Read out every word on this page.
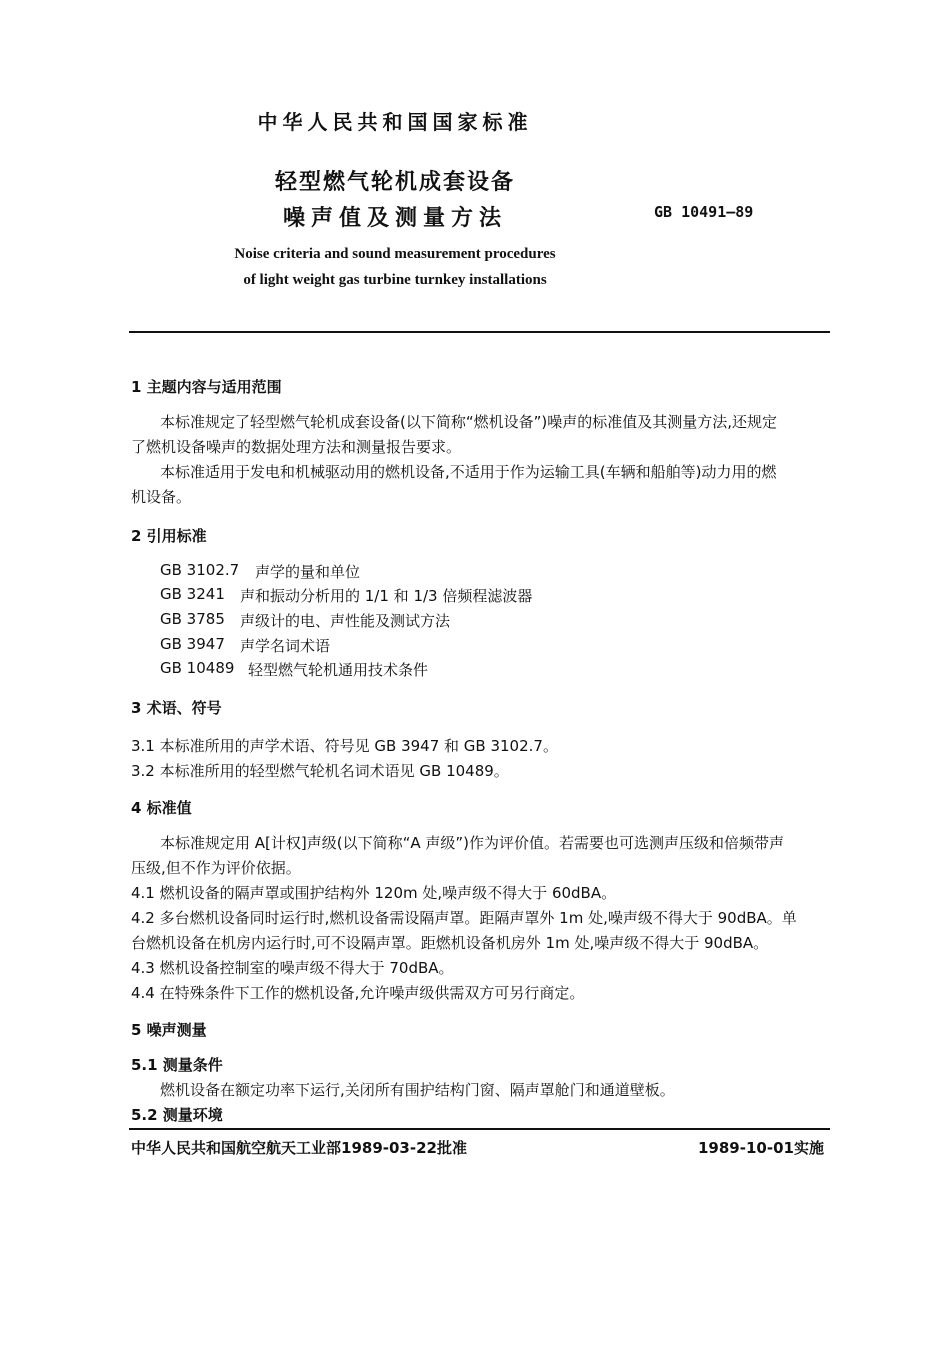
中华人民共和国国家标准
轻型燃气轮机成套设备
噪声值及测量方法	GB 10491—89
Noise criteria and sound measurement procedures
of light weight gas turbine turnkey installations
1 主题内容与适用范围
本标准规定了轻型燃气轮机成套设备(以下简称“燃机设备”)噪声的标准值及其测量方法,还规定
了燃机设备噪声的数据处理方法和测量报告要求。
本标准适用于发电和机械驱动用的燃机设备,不适用于作为运输工具(车辆和船舶等)动力用的燃
机设备。
2 引用标准
GB 3102.7 声学的量和单位
GB 3241 声和振动分析用的 1/1 和 1/3 倍频程滤波器
GB 3785 声级计的电、声性能及测试方法
GB 3947 声学名词术语
GB 10489 轻型燃气轮机通用技术条件
3 术语、符号
3.1 本标准所用的声学术语、符号见 GB 3947 和 GB 3102.7。
3.2 本标准所用的轻型燃气轮机名词术语见 GB 10489。
4 标准值
本标准规定用 A[计权]声级(以下简称“A 声级”)作为评价值。若需要也可选测声压级和倍频带声
压级,但不作为评价依据。
4.1 燃机设备的隔声罩或围护结构外 120m 处,噪声级不得大于 60dBA。
4.2 多台燃机设备同时运行时,燃机设备需设隔声罩。距隔声罩外 1m 处,噪声级不得大于 90dBA。单
台燃机设备在机房内运行时,可不设隔声罩。距燃机设备机房外 1m 处,噪声级不得大于 90dBA。
4.3 燃机设备控制室的噪声级不得大于 70dBA。
4.4 在特殊条件下工作的燃机设备,允许噪声级供需双方可另行商定。
5 噪声测量
5.1 测量条件
燃机设备在额定功率下运行,关闭所有围护结构门窗、隔声罩舱门和通道壁板。
5.2 测量环境
中华人民共和国航空航天工业部1989-03-22批准	1989-10-01实施
